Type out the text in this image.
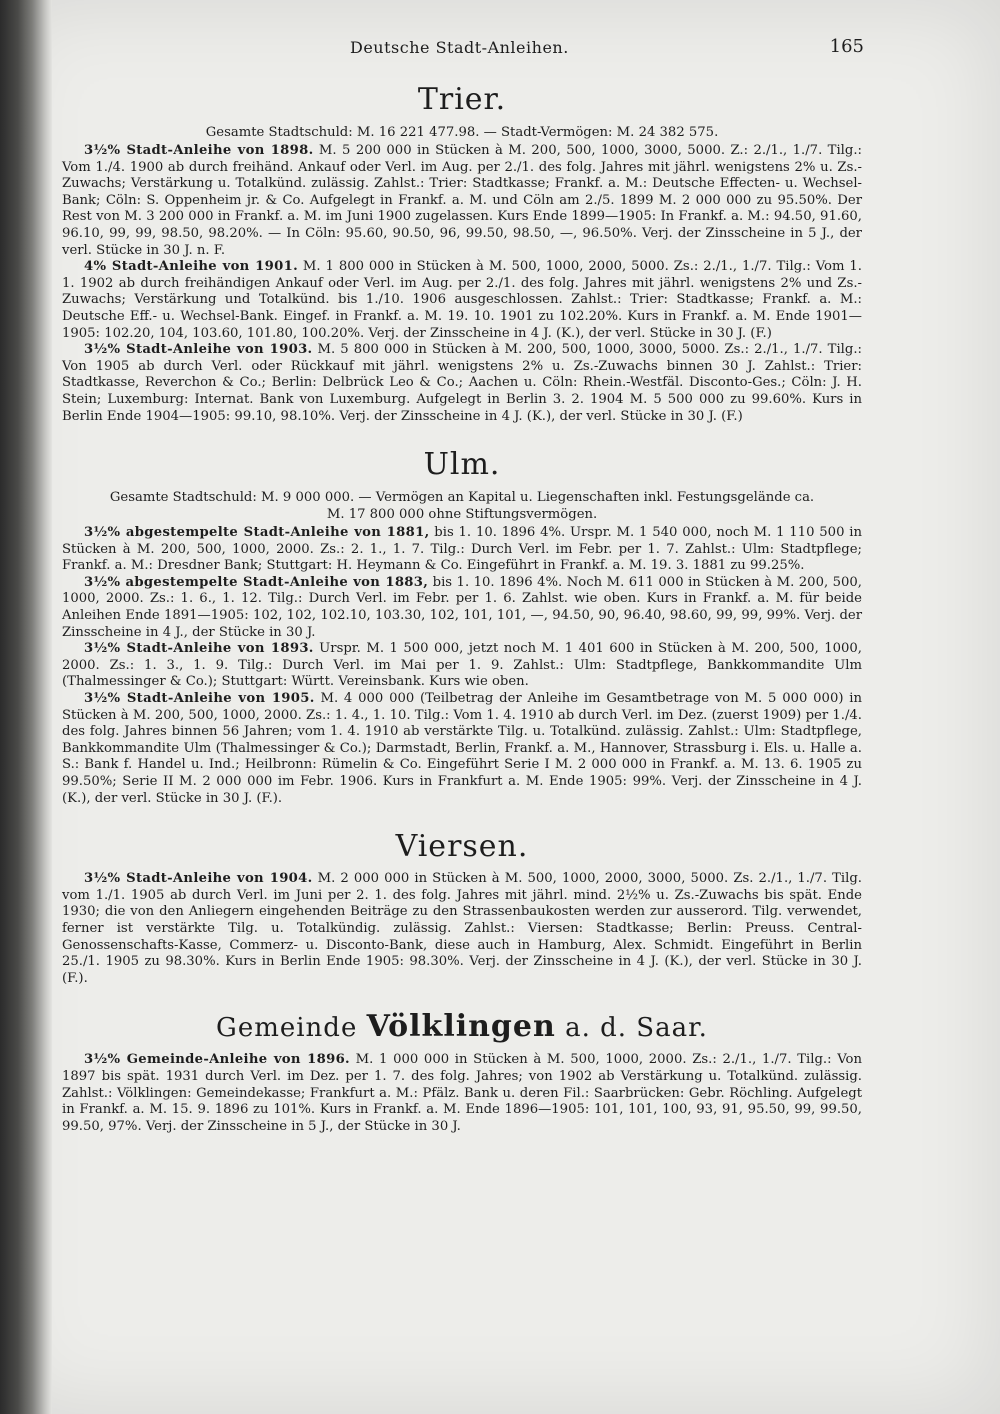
Deutsche Stadt-Anleihen.	165
Trier.

Gesamte Stadtschuld: M. 16 221 477.98. — Stadt-Vermögen: M. 24 382 575.

3½% Stadt-Anleihe von 1898. M. 5 200 000 in Stücken à M. 200, 500, 1000, 3000, 5000. Z.: 2./1., 1./7. Tilg.: Vom 1./4. 1900 ab durch freihänd. Ankauf oder Verl. im Aug. per 2./1. des folg. Jahres mit jährl. wenigstens 2% u. Zs.-Zuwachs; Verstärkung u. Totalkünd. zulässig. Zahlst.: Trier: Stadtkasse; Frankf. a. M.: Deutsche Effecten- u. Wechsel-Bank; Cöln: S. Oppenheim jr. & Co. Aufgelegt in Frankf. a. M. und Cöln am 2./5. 1899 M. 2 000 000 zu 95.50%. Der Rest von M. 3 200 000 in Frankf. a. M. im Juni 1900 zugelassen. Kurs Ende 1899—1905: In Frankf. a. M.: 94.50, 91.60, 96.10, 99, 99, 98.50, 98.20%. — In Cöln: 95.60, 90.50, 96, 99.50, 98.50, —, 96.50%. Verj. der Zinsscheine in 5 J., der verl. Stücke in 30 J. n. F.

4% Stadt-Anleihe von 1901. M. 1 800 000 in Stücken à M. 500, 1000, 2000, 5000. Zs.: 2./1., 1./7. Tilg.: Vom 1. 1. 1902 ab durch freihändigen Ankauf oder Verl. im Aug. per 2./1. des folg. Jahres mit jährl. wenigstens 2% und Zs.-Zuwachs; Verstärkung und Totalkünd. bis 1./10. 1906 ausgeschlossen. Zahlst.: Trier: Stadtkasse; Frankf. a. M.: Deutsche Eff.- u. Wechsel-Bank. Eingef. in Frankf. a. M. 19. 10. 1901 zu 102.20%. Kurs in Frankf. a. M. Ende 1901—1905: 102.20, 104, 103.60, 101.80, 100.20%. Verj. der Zinsscheine in 4 J. (K.), der verl. Stücke in 30 J. (F.)

3½% Stadt-Anleihe von 1903. M. 5 800 000 in Stücken à M. 200, 500, 1000, 3000, 5000. Zs.: 2./1., 1./7. Tilg.: Von 1905 ab durch Verl. oder Rückkauf mit jährl. wenigstens 2% u. Zs.-Zuwachs binnen 30 J. Zahlst.: Trier: Stadtkasse, Reverchon & Co.; Berlin: Delbrück Leo & Co.; Aachen u. Cöln: Rhein.-Westfäl. Disconto-Ges.; Cöln: J. H. Stein; Luxemburg: Internat. Bank von Luxemburg. Aufgelegt in Berlin 3. 2. 1904 M. 5 500 000 zu 99.60%. Kurs in Berlin Ende 1904—1905: 99.10, 98.10%. Verj. der Zinsscheine in 4 J. (K.), der verl. Stücke in 30 J. (F.)

Ulm.

Gesamte Stadtschuld: M. 9 000 000. — Vermögen an Kapital u. Liegenschaften inkl. Festungsgelände ca. M. 17 800 000 ohne Stiftungsvermögen.

3½% abgestempelte Stadt-Anleihe von 1881, bis 1. 10. 1896 4%. Urspr. M. 1 540 000, noch M. 1 110 500 in Stücken à M. 200, 500, 1000, 2000. Zs.: 2. 1., 1. 7. Tilg.: Durch Verl. im Febr. per 1. 7. Zahlst.: Ulm: Stadtpflege; Frankf. a. M.: Dresdner Bank; Stuttgart: H. Heymann & Co. Eingeführt in Frankf. a. M. 19. 3. 1881 zu 99.25%.

3½% abgestempelte Stadt-Anleihe von 1883, bis 1. 10. 1896 4%. Noch M. 611 000 in Stücken à M. 200, 500, 1000, 2000. Zs.: 1. 6., 1. 12. Tilg.: Durch Verl. im Febr. per 1. 6. Zahlst. wie oben. Kurs in Frankf. a. M. für beide Anleihen Ende 1891—1905: 102, 102, 102.10, 103.30, 102, 101, 101, —, 94.50, 90, 96.40, 98.60, 99, 99, 99%. Verj. der Zinsscheine in 4 J., der Stücke in 30 J.

3½% Stadt-Anleihe von 1893. Urspr. M. 1 500 000, jetzt noch M. 1 401 600 in Stücken à M. 200, 500, 1000, 2000. Zs.: 1. 3., 1. 9. Tilg.: Durch Verl. im Mai per 1. 9. Zahlst.: Ulm: Stadtpflege, Bankkommandite Ulm (Thalmessinger & Co.); Stuttgart: Württ. Vereinsbank. Kurs wie oben.

3½% Stadt-Anleihe von 1905. M. 4 000 000 (Teilbetrag der Anleihe im Gesamtbetrage von M. 5 000 000) in Stücken à M. 200, 500, 1000, 2000. Zs.: 1. 4., 1. 10. Tilg.: Vom 1. 4. 1910 ab durch Verl. im Dez. (zuerst 1909) per 1./4. des folg. Jahres binnen 56 Jahren; vom 1. 4. 1910 ab verstärkte Tilg. u. Totalkünd. zulässig. Zahlst.: Ulm: Stadtpflege, Bankkommandite Ulm (Thalmessinger & Co.); Darmstadt, Berlin, Frankf. a. M., Hannover, Strassburg i. Els. u. Halle a. S.: Bank f. Handel u. Ind.; Heilbronn: Rümelin & Co. Eingeführt Serie I M. 2 000 000 in Frankf. a. M. 13. 6. 1905 zu 99.50%; Serie II M. 2 000 000 im Febr. 1906. Kurs in Frankfurt a. M. Ende 1905: 99%. Verj. der Zinsscheine in 4 J. (K.), der verl. Stücke in 30 J. (F.).

Viersen.

3½% Stadt-Anleihe von 1904. M. 2 000 000 in Stücken à M. 500, 1000, 2000, 3000, 5000. Zs. 2./1., 1./7. Tilg. vom 1./1. 1905 ab durch Verl. im Juni per 2. 1. des folg. Jahres mit jährl. mind. 2½% u. Zs.-Zuwachs bis spät. Ende 1930; die von den Anliegern eingehenden Beiträge zu den Strassenbaukosten werden zur ausserord. Tilg. verwendet, ferner ist verstärkte Tilg. u. Totalkündig. zulässig. Zahlst.: Viersen: Stadtkasse; Berlin: Preuss. Central-Genossenschafts-Kasse, Commerz- u. Disconto-Bank, diese auch in Hamburg, Alex. Schmidt. Eingeführt in Berlin 25./1. 1905 zu 98.30%. Kurs in Berlin Ende 1905: 98.30%. Verj. der Zinsscheine in 4 J. (K.), der verl. Stücke in 30 J. (F.).

Gemeinde Völklingen a. d. Saar.

3½% Gemeinde-Anleihe von 1896. M. 1 000 000 in Stücken à M. 500, 1000, 2000. Zs.: 2./1., 1./7. Tilg.: Von 1897 bis spät. 1931 durch Verl. im Dez. per 1. 7. des folg. Jahres; von 1902 ab Verstärkung u. Totalkünd. zulässig. Zahlst.: Völklingen: Gemeindekasse; Frankfurt a. M.: Pfälz. Bank u. deren Fil.: Saarbrücken: Gebr. Röchling. Aufgelegt in Frankf. a. M. 15. 9. 1896 zu 101%. Kurs in Frankf. a. M. Ende 1896—1905: 101, 101, 100, 93, 91, 95.50, 99, 99.50, 99.50, 97%. Verj. der Zinsscheine in 5 J., der Stücke in 30 J.
